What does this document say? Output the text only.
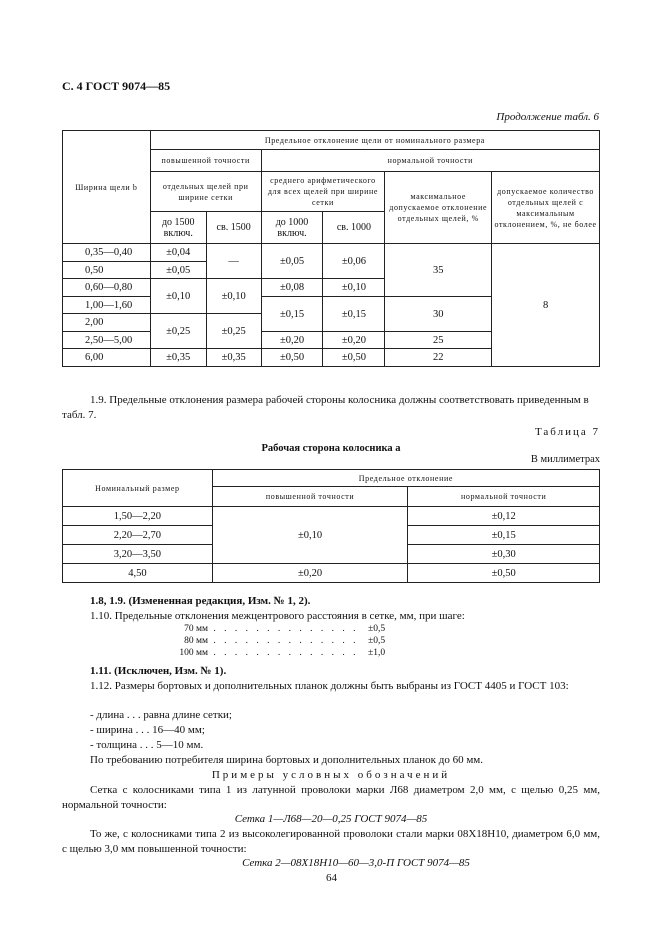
С. 4 ГОСТ 9074—85
Продолжение табл. 6
Ширина щели b	Предельное отклонение щели от номинального размера					
	повышенной точности		нормальной точности			
	отдельных щелей при ширине сетки		среднего арифметического для всех щелей при ширине сетки		максимальное допускаемое отклонение отдельных щелей, %	допускаемое количество отдельных щелей с максимальным отклонением, %, не более
	до 1500 включ.	св. 1500	до 1000 включ.	св. 1000		
0,35—0,40	±0,04	—	±0,05	±0,06	35	8
0,50	±0,05					
0,60—0,80	±0,10	±0,10	±0,08	±0,10		
1,00—1,60			±0,15	±0,15	30	
2,00	±0,25	±0,25				
2,50—5,00			±0,20	±0,20	25	
6,00	±0,35	±0,35	±0,50	±0,50	22	
1.9. Предельные отклонения размера рабочей стороны колосника должны соответствовать приведенным в табл. 7.
Таблица 7
Рабочая сторона колосника a
В миллиметрах
Номинальный размер	Предельное отклонение	
	повышенной точности	нормальной точности
1,50—2,20	±0,10	±0,12
2,20—2,70		±0,15
3,20—3,50		±0,30
4,50	±0,20	±0,50
1.8, 1.9. (Измененная редакция, Изм. № 1, 2).
1.10. Предельные отклонения межцентрового расстояния в сетке, мм, при шаге:
70 мм . . . . . . . . . . . . . . ±0,5
80 мм . . . . . . . . . . . . . . ±0,5
100 мм . . . . . . . . . . . . . . ±1,0
1.11. (Исключен, Изм. № 1).
1.12. Размеры бортовых и дополнительных планок должны быть выбраны из ГОСТ 4405 и ГОСТ 103:
- длина . . . равна длине сетки;
- ширина . . . 16—40 мм;
- толщина . . . 5—10 мм.
По требованию потребителя ширина бортовых и дополнительных планок до 60 мм.
Примеры условных обозначений
Сетка с колосниками типа 1 из латунной проволоки марки Л68 диаметром 2,0 мм, с щелью 0,25 мм, нормальной точности:
Сетка 1—Л68—20—0,25 ГОСТ 9074—85
То же, с колосниками типа 2 из высоколегированной проволоки стали марки 08Х18Н10, диаметром 6,0 мм, с щелью 3,0 мм повышенной точности:
Сетка 2—08Х18Н10—60—3,0-П ГОСТ 9074—85
64
